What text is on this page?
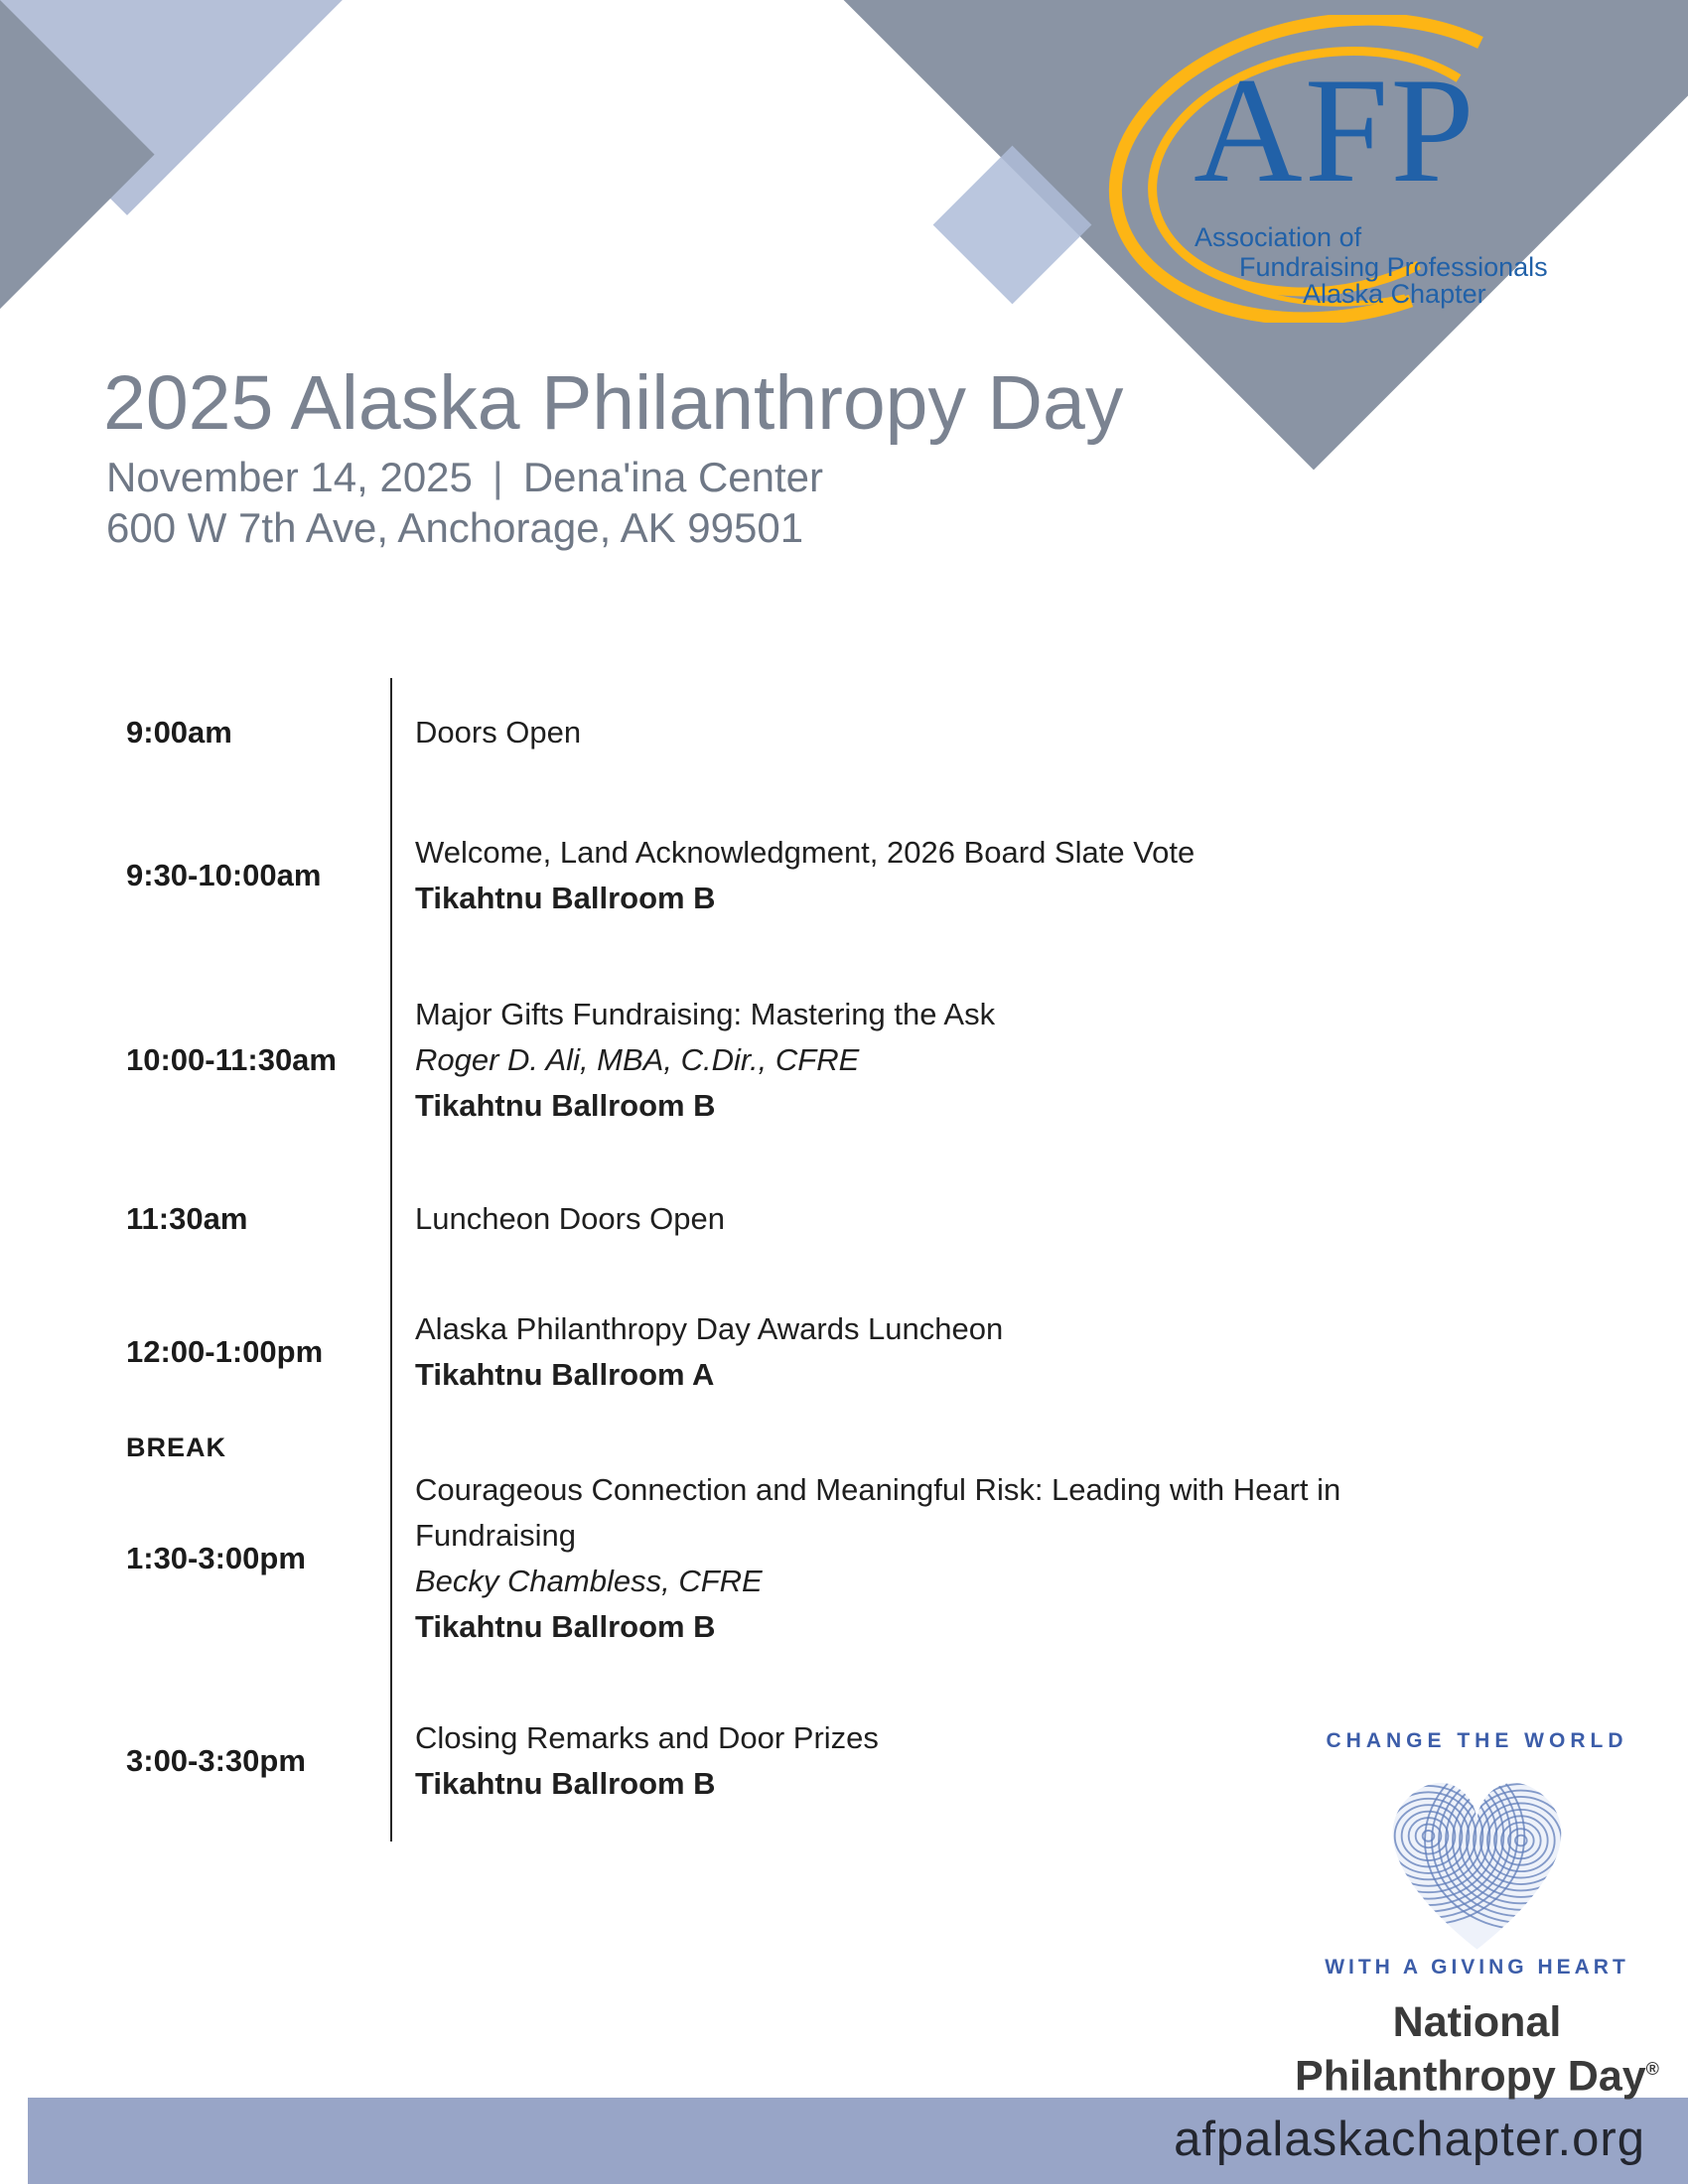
afpalaskachapter.org
AFP
Association of
Fundraising Professionals
Alaska Chapter
2025 Alaska Philanthropy Day
November 14, 2025 | Dena'ina Center
600 W 7th Ave, Anchorage, AK 99501
9:00am	Doors Open
9:30-10:00am
Welcome, Land Acknowledgment, 2026 Board Slate Vote
Tikahtnu Ballroom B
10:00-11:30am
Major Gifts Fundraising: Mastering the Ask
Roger D. Ali, MBA, C.Dir., CFRE
Tikahtnu Ballroom B
11:30am	Luncheon Doors Open
12:00-1:00pm
Alaska Philanthropy Day Awards Luncheon
Tikahtnu Ballroom A
BREAK
1:30-3:00pm
Courageous Connection and Meaningful Risk: Leading with Heart in Fundraising
Becky Chambless, CFRE
Tikahtnu Ballroom B
3:00-3:30pm
Closing Remarks and Door Prizes
Tikahtnu Ballroom B
CHANGE THE WORLD
WITH A GIVING HEART
National
Philanthropy Day®
